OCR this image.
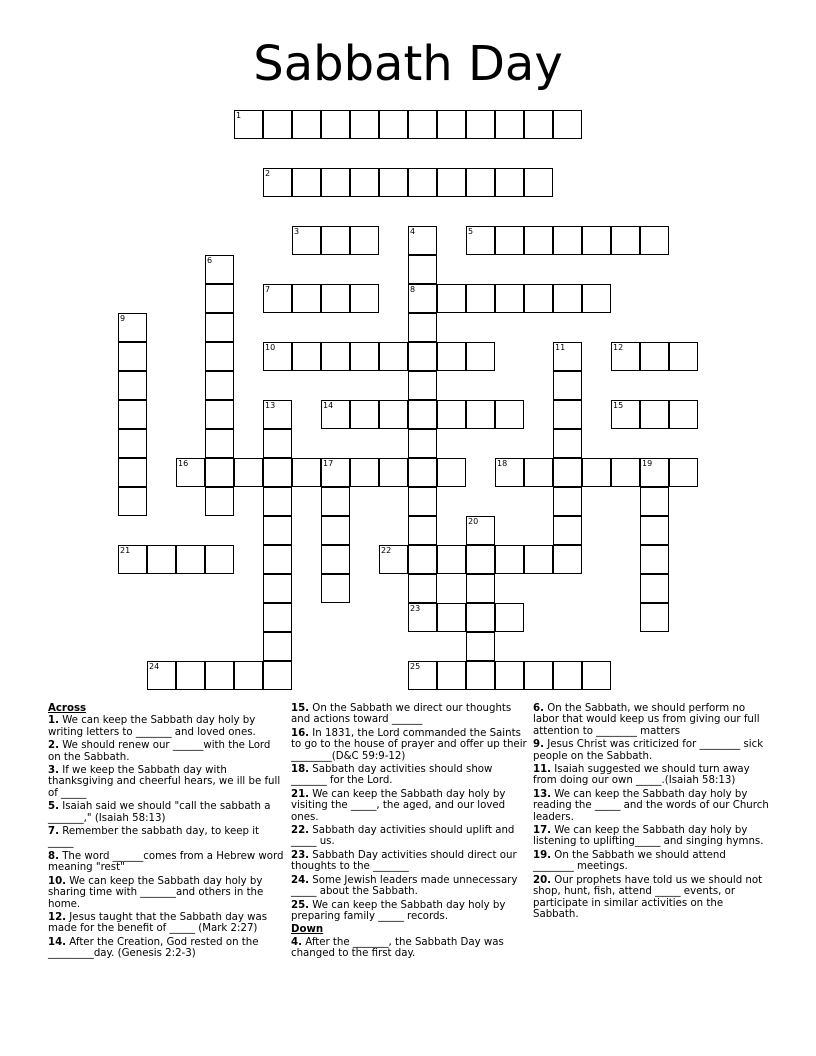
Sabbath Day
1
2
3	4
8
5
6
7
9
10	11	12
13	14	15
16	17	18	19
20
21	22
23
24	25
Across
1. We can keep the Sabbath day holy by writing letters to _______ and loved ones.
2. We should renew our ______with the Lord on the Sabbath.
3. If we keep the Sabbath day with thanksgiving and cheerful hears, we ill be full of _____
5. Isaiah said we should "call the sabbath a _______," (Isaiah 58:13)
7. Remember the sabbath day, to keep it _____
8. The word ______comes from a Hebrew word meaning "rest"
10. We can keep the Sabbath day holy by sharing time with _______and others in the home.
12. Jesus taught that the Sabbath day was made for the benefit of _____ (Mark 2:27)
14. After the Creation, God rested on the _________day. (Genesis 2:2-3)
15. On the Sabbath we direct our thoughts and actions toward ______
16. In 1831, the Lord commanded the Saints to go to the house of prayer and offer up their ________(D&C 59:9-12)
18. Sabbath day activities should show _______ for the Lord.
21. We can keep the Sabbath day holy by visiting the _____, the aged, and our loved ones.
22. Sabbath day activities should uplift and _____ us.
23. Sabbath Day activities should direct our thoughts to the _______
24. Some Jewish leaders made unnecessary _____ about the Sabbath.
25. We can keep the Sabbath day holy by preparing family _____ records.
Down
4. After the _______, the Sabbath Day was changed to the first day.
6. On the Sabbath, we should perform no labor that would keep us from giving our full attention to ________ matters
9. Jesus Christ was criticized for ________ sick people on the Sabbath.
11. Isaiah suggested we should turn away from doing our own _____.(Isaiah 58:13)
13. We can keep the Sabbath day holy by reading the _____ and the words of our Church leaders.
17. We can keep the Sabbath day holy by listening to uplifting_____ and singing hymns.
19. On the Sabbath we should attend ________ meetings.
20. Our prophets have told us we should not shop, hunt, fish, attend _____ events, or participate in similar activities on the Sabbath.
